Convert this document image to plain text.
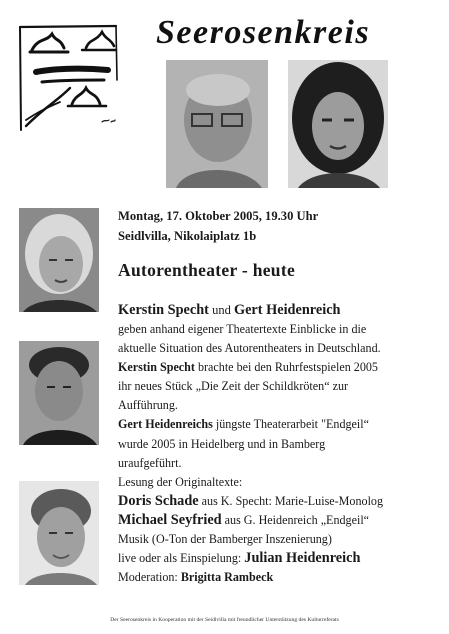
Seerosenkreis
Montag, 17. Oktober 2005, 19.30 Uhr
Seidlvilla, Nikolaiplatz 1b
Autorentheater - heute
Kerstin Specht und Gert Heidenreich
geben anhand eigener Theatertexte Einblicke in die
aktuelle Situation des Autorentheaters in Deutschland.
Kerstin Specht brachte bei den Ruhrfestspielen 2005
ihr neues Stück „Die Zeit der Schildkröten“ zur
Aufführung.
Gert Heidenreichs jüngste Theaterarbeit "Endgeil“
wurde 2005 in Heidelberg und in Bamberg
uraufgeführt.
Lesung der Originaltexte:
Doris Schade aus K. Specht: Marie-Luise-Monolog
Michael Seyfried aus G. Heidenreich „Endgeil“
Musik (O-Ton der Bamberger Inszenierung)
live oder als Einspielung: Julian Heidenreich
Moderation: Brigitta Rambeck
Der Seerosenkreis in Kooperation mit der Seidlvilla mit freundlicher Unterstützung des Kulturreferats
